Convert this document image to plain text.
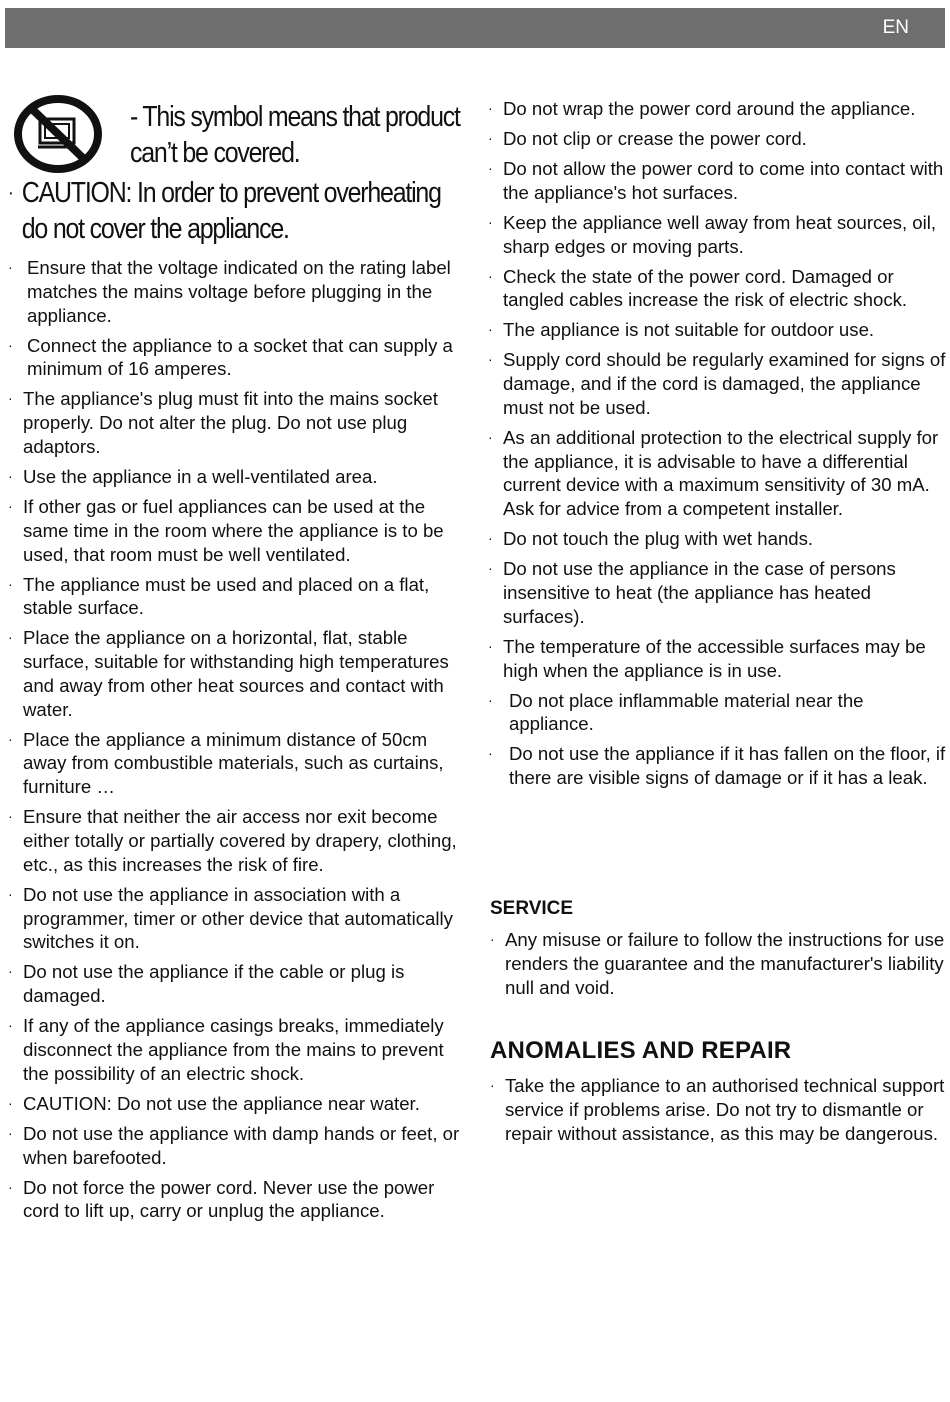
EN
- This symbol means that product can’t be covered.
· CAUTION: In order to prevent overheating do not cover the appliance.
· Ensure that the voltage indicated on the rating label matches the mains voltage before plugging in the appliance.
· Connect the appliance to a socket that can supply a minimum of 16 amperes.
· The appliance's plug must fit into the mains socket properly. Do not alter the plug. Do not use plug adaptors.
· Use the appliance in a well-ventilated area.
· If other gas or fuel appliances can be used at the same time in the room where the appliance is to be used, that room must be well ventilated.
· The appliance must be used and placed on a flat, stable surface.
· Place the appliance on a horizontal, flat, stable surface, suitable for withstanding high temperatures and away from other heat sources and contact with water.
· Place the appliance a minimum distance of 50cm away from combustible materials, such as curtains, furniture …
· Ensure that neither the air access nor exit become either totally or partially covered by drapery, clothing, etc., as this increases the risk of fire.
· Do not use the appliance in association with a programmer, timer or other device that automatically switches it on.
· Do not use the appliance if the cable or plug is damaged.
· If any of the appliance casings breaks, immediately disconnect the appliance from the mains to prevent the possibility of an electric shock.
· CAUTION: Do not use the appliance near water.
· Do not use the appliance with damp hands or feet, or when barefooted.
· Do not force the power cord. Never use the power cord to lift up, carry or unplug the appliance.
· Do not wrap the power cord around the appliance.
· Do not clip or crease the power cord.
· Do not allow the power cord to come into contact with the appliance's hot surfaces.
· Keep the appliance well away from heat sources, oil, sharp edges or moving parts.
· Check the state of the power cord. Damaged or tangled cables increase the risk of electric shock.
· The appliance is not suitable for outdoor use.
· Supply cord should be regularly examined for signs of damage, and if the cord is damaged, the appliance must not be used.
· As an additional protection to the electrical supply for the appliance, it is advisable to have a differential current device with a maximum sensitivity of 30 mA. Ask for advice from a competent installer.
· Do not touch the plug with wet hands.
· Do not use the appliance in the case of persons insensitive to heat (the appliance has heated surfaces).
· The temperature of the accessible surfaces may be high when the appliance is in use.
· Do not place inflammable material near the appliance.
· Do not use the appliance if it has fallen on the floor, if there are visible signs of damage or if it has a leak.
SERVICE
· Any misuse or failure to follow the instructions for use renders the guarantee and the manufacturer's liability null and void.
ANOMALIES AND REPAIR
· Take the appliance to an authorised technical support service if problems arise. Do not try to dismantle or repair without assistance, as this may be dangerous.
